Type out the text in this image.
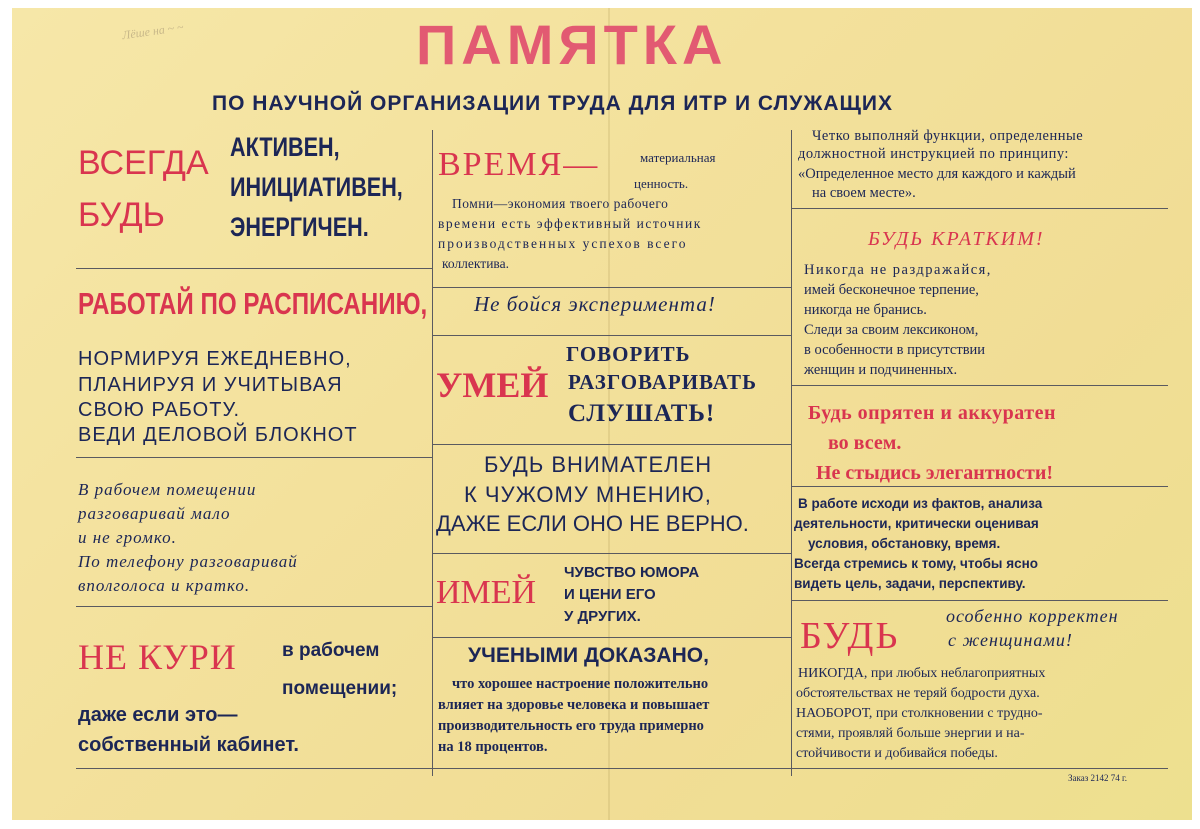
Лёше на ~ ~	ПАМЯТКА

ПО НАУЧНОЙ ОРГАНИЗАЦИИ ТРУДА ДЛЯ ИТР И СЛУЖАЩИХ

ВСЕГДА

БУДЬ

АКТИВЕН,

ИНИЦИАТИВЕН,

ЭНЕРГИЧЕН.

РАБОТАЙ ПО РАСПИСАНИЮ,

НОРМИРУЯ ЕЖЕДНЕВНО,

ПЛАНИРУЯ И УЧИТЫВАЯ

СВОЮ РАБОТУ.

ВЕДИ ДЕЛОВОЙ БЛОКНОТ

В рабочем помещении

разговаривай мало

и не громко.

По телефону разговаривай

вполголоса и кратко.

НЕ КУРИ в рабочем

помещении;

даже если это—

собственный кабинет.

ВРЕМЯ—	материальная

ценность.

Помни—экономия твоего рабочего

времени есть эффективный источник

производственных успехов всего

коллектива.

Не бойся эксперимента!

УМЕЙ

ГОВОРИТЬ

РАЗГОВАРИВАТЬ

СЛУШАТЬ!

БУДЬ ВНИМАТЕЛЕН

К ЧУЖОМУ МНЕНИЮ,

ДАЖЕ ЕСЛИ ОНО НЕ ВЕРНО.

ИМЕЙ

ЧУВСТВО ЮМОРА

И ЦЕНИ ЕГО

У ДРУГИХ.

УЧЕНЫМИ ДОКАЗАНО,

что хорошее настроение положительно

влияет на здоровье человека и повышает

производительность его труда примерно

на 18 процентов.

Четко выполняй функции, определенные

должностной инструкцией по принципу:

«Определенное место для каждого и каждый

на своем месте».

БУДЬ КРАТКИМ!

Никогда не раздражайся,

имей бесконечное терпение,

никогда не бранись.

Следи за своим лексиконом,

в особенности в присутствии

женщин и подчиненных.

Будь опрятен и аккуратен

во всем.

Не стыдись элегантности!

В работе исходи из фактов, анализа

деятельности, критически оценивая

условия, обстановку, время.

Всегда стремись к тому, чтобы ясно

видеть цель, задачи, перспективу.

БУДЬ	особенно корректен

с женщинами!

НИКОГДА, при любых неблагоприятных

обстоятельствах не теряй бодрости духа.

НАОБОРОТ, при столкновении с трудно-

стями, проявляй больше энергии и на-

стойчивости и добивайся победы.

Заказ 2142 74 г.
